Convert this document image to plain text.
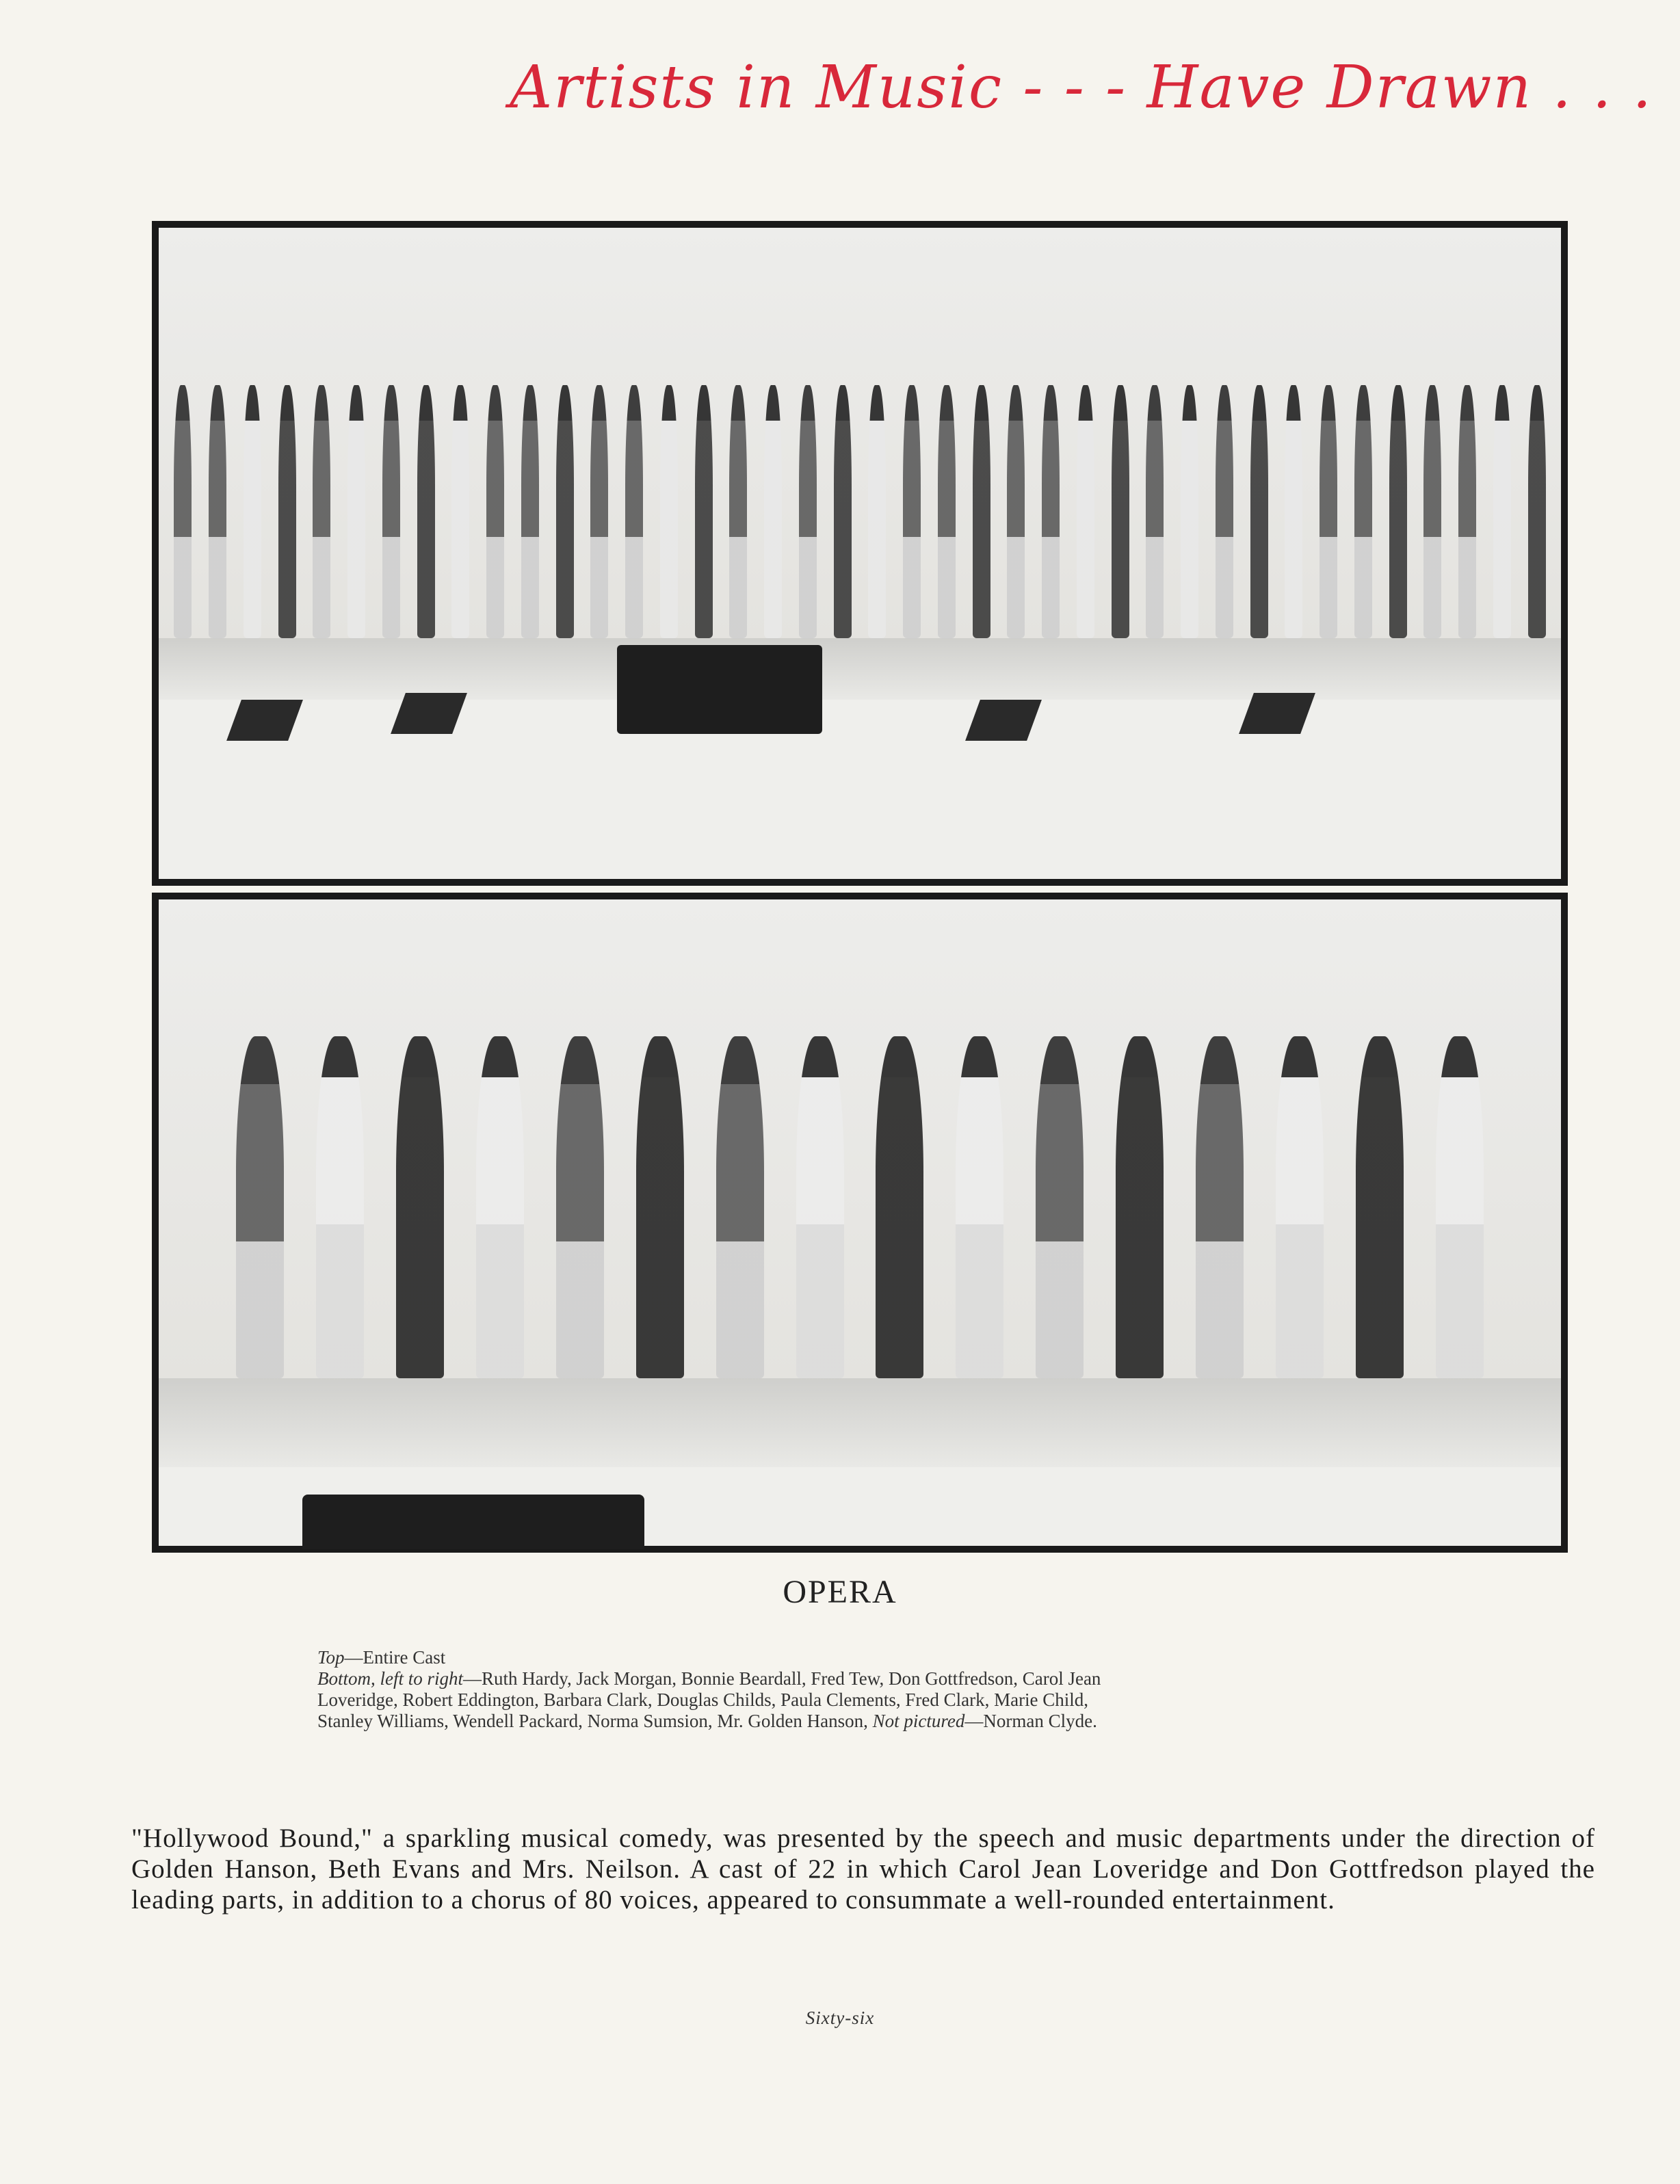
Artists in Music - - - Have Drawn . . .
OPERA
Top—Entire Cast
Bottom, left to right—Ruth Hardy, Jack Morgan, Bonnie Beardall, Fred Tew, Don Gottfredson, Carol Jean
Loveridge, Robert Eddington, Barbara Clark, Douglas Childs, Paula Clements, Fred Clark, Marie Child,
Stanley Williams, Wendell Packard, Norma Sumsion, Mr. Golden Hanson, Not pictured—Norman Clyde.
"Hollywood Bound," a sparkling musical comedy, was presented by the speech and music departments under the direction of Golden Hanson, Beth Evans and Mrs. Neilson. A cast of 22 in which Carol Jean Loveridge and Don Gottfredson played the leading parts, in addition to a chorus of 80 voices, appeared to consummate a well-rounded entertainment.
Sixty-six
